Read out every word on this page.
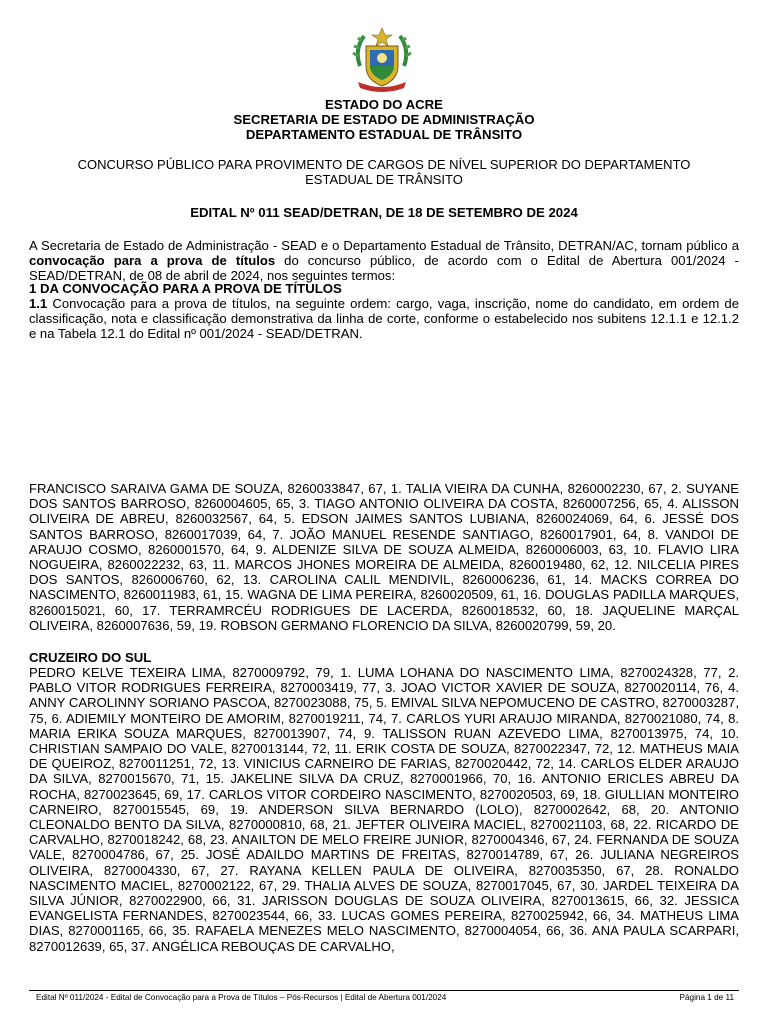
ESTADO DO ACRE
SECRETARIA DE ESTADO DE ADMINISTRAÇÃO
DEPARTAMENTO ESTADUAL DE TRÂNSITO
CONCURSO PÚBLICO PARA PROVIMENTO DE CARGOS DE NÍVEL SUPERIOR DO DEPARTAMENTO
ESTADUAL DE TRÂNSITO
EDITAL Nº 011 SEAD/DETRAN, DE 18 DE SETEMBRO DE 2024
A Secretaria de Estado de Administração - SEAD e o Departamento Estadual de Trânsito, DETRAN/AC, tornam público a convocação para a prova de títulos do concurso público, de acordo com o Edital de Abertura 001/2024 - SEAD/DETRAN, de 08 de abril de 2024, nos seguintes termos:
1 DA CONVOCAÇÃO PARA A PROVA DE TÍTULOS
1.1 Convocação para a prova de títulos, na seguinte ordem: cargo, vaga, inscrição, nome do candidato, em ordem de classificação, nota e classificação demonstrativa da linha de corte, conforme o estabelecido nos subitens 12.1.1 e 12.1.2 e na Tabela 12.1 do Edital nº 001/2024 - SEAD/DETRAN.
FRANCISCO SARAIVA GAMA DE SOUZA, 8260033847, 67, 1. TALIA VIEIRA DA CUNHA, 8260002230, 67, 2. SUYANE DOS SANTOS BARROSO, 8260004605, 65, 3. TIAGO ANTONIO OLIVEIRA DA COSTA, 8260007256, 65, 4. ALISSON OLIVEIRA DE ABREU, 8260032567, 64, 5. EDSON JAIMES SANTOS LUBIANA, 8260024069, 64, 6. JESSÉ DOS SANTOS BARROSO, 8260017039, 64, 7. JOÃO MANUEL RESENDE SANTIAGO, 8260017901, 64, 8. VANDOI DE ARAUJO COSMO, 8260001570, 64, 9. ALDENIZE SILVA DE SOUZA ALMEIDA, 8260006003, 63, 10. FLAVIO LIRA NOGUEIRA, 8260022232, 63, 11. MARCOS JHONES MOREIRA DE ALMEIDA, 8260019480, 62, 12. NILCELIA PIRES DOS SANTOS, 8260006760, 62, 13. CAROLINA CALIL MENDIVIL, 8260006236, 61, 14. MACKS CORREA DO NASCIMENTO, 8260011983, 61, 15. WAGNA DE LIMA PEREIRA, 8260020509, 61, 16. DOUGLAS PADILLA MARQUES, 8260015021, 60, 17. TERRAMRCÉU RODRIGUES DE LACERDA, 8260018532, 60, 18. JAQUELINE MARÇAL OLIVEIRA, 8260007636, 59, 19. ROBSON GERMANO FLORENCIO DA SILVA, 8260020799, 59, 20.
CRUZEIRO DO SUL
PEDRO KELVE TEXEIRA LIMA, 8270009792, 79, 1. LUMA LOHANA DO NASCIMENTO LIMA, 8270024328, 77, 2. PABLO VITOR RODRIGUES FERREIRA, 8270003419, 77, 3. JOAO VICTOR XAVIER DE SOUZA, 8270020114, 76, 4. ANNY CAROLINNY SORIANO PASCOA, 8270023088, 75, 5. EMIVAL SILVA NEPOMUCENO DE CASTRO, 8270003287, 75, 6. ADIEMILY MONTEIRO DE AMORIM, 8270019211, 74, 7. CARLOS YURI ARAUJO MIRANDA, 8270021080, 74, 8. MARIA ERIKA SOUZA MARQUES, 8270013907, 74, 9. TALISSON RUAN AZEVEDO LIMA, 8270013975, 74, 10. CHRISTIAN SAMPAIO DO VALE, 8270013144, 72, 11. ERIK COSTA DE SOUZA, 8270022347, 72, 12. MATHEUS MAIA DE QUEIROZ, 8270011251, 72, 13. VINICIUS CARNEIRO DE FARIAS, 8270020442, 72, 14. CARLOS ELDER ARAUJO DA SILVA, 8270015670, 71, 15. JAKELINE SILVA DA CRUZ, 8270001966, 70, 16. ANTONIO ERICLES ABREU DA ROCHA, 8270023645, 69, 17. CARLOS VITOR CORDEIRO NASCIMENTO, 8270020503, 69, 18. GIULLIAN MONTEIRO CARNEIRO, 8270015545, 69, 19. ANDERSON SILVA BERNARDO (LOLO), 8270002642, 68, 20. ANTONIO CLEONALDO BENTO DA SILVA, 8270000810, 68, 21. JEFTER OLIVEIRA MACIEL, 8270021103, 68, 22. RICARDO DE CARVALHO, 8270018242, 68, 23. ANAILTON DE MELO FREIRE JUNIOR, 8270004346, 67, 24. FERNANDA DE SOUZA VALE, 8270004786, 67, 25. JOSÉ ADAILDO MARTINS DE FREITAS, 8270014789, 67, 26. JULIANA NEGREIROS OLIVEIRA, 8270004330, 67, 27. RAYANA KELLEN PAULA DE OLIVEIRA, 8270035350, 67, 28. RONALDO NASCIMENTO MACIEL, 8270002122, 67, 29. THALIA ALVES DE SOUZA, 8270017045, 67, 30. JARDEL TEIXEIRA DA SILVA JÚNIOR, 8270022900, 66, 31. JARISSON DOUGLAS DE SOUZA OLIVEIRA, 8270013615, 66, 32. JESSICA EVANGELISTA FERNANDES, 8270023544, 66, 33. LUCAS GOMES PEREIRA, 8270025942, 66, 34. MATHEUS LIMA DIAS, 8270001165, 66, 35. RAFAELA MENEZES MELO NASCIMENTO, 8270004054, 66, 36. ANA PAULA SCARPARI, 8270012639, 65, 37. ANGÉLICA REBOUÇAS DE CARVALHO,
Edital Nº 011/2024 - Edital de Convocação para a Prova de Títulos – Pós-Recursos | Edital de Abertura 001/2024	Página 1 de 11
